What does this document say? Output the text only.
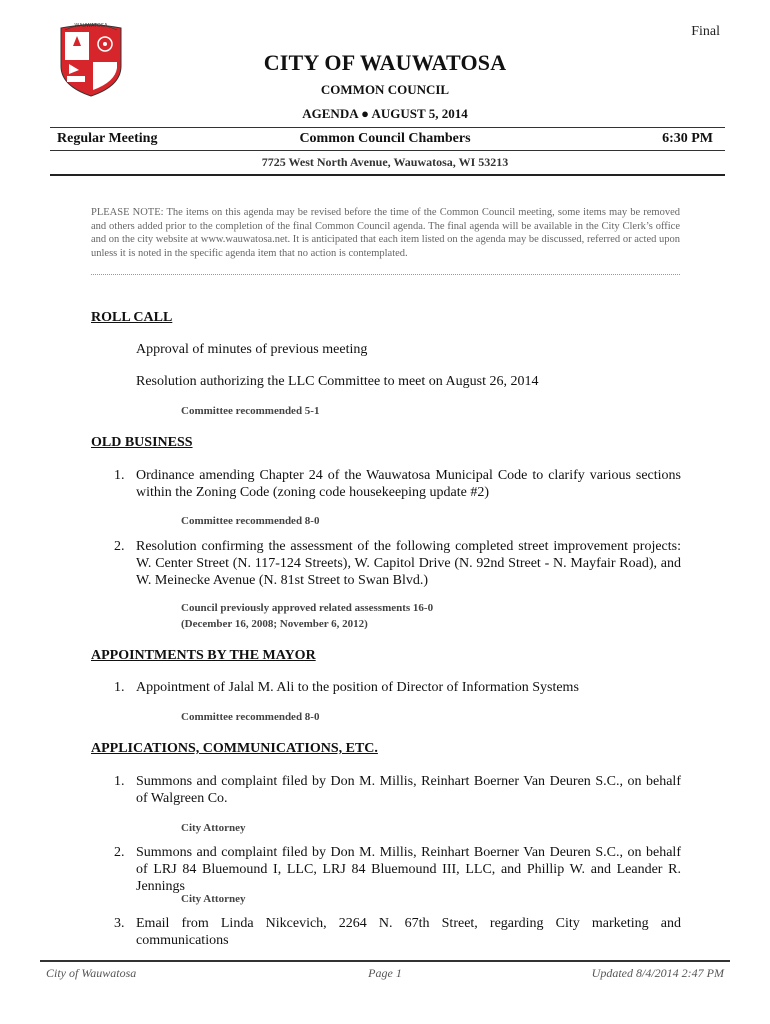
Final
WAUWATOSA
CITY OF WAUWATOSA
COMMON COUNCIL
AGENDA ● AUGUST 5, 2014
Regular Meeting	Common Council Chambers	6:30 PM
7725 West North Avenue, Wauwatosa, WI 53213
PLEASE NOTE: The items on this agenda may be revised before the time of the Common Council meeting, some items may be removed and others added prior to the completion of the final Common Council agenda. The final agenda will be available in the City Clerk’s office and on the city website at www.wauwatosa.net. It is anticipated that each item listed on the agenda may be discussed, referred or acted upon unless it is noted in the specific agenda item that no action is contemplated.
ROLL CALL
Approval of minutes of previous meeting
Resolution authorizing the LLC Committee to meet on August 26, 2014
Committee recommended 5-1
OLD BUSINESS
1. Ordinance amending Chapter 24 of the Wauwatosa Municipal Code to clarify various sections within the Zoning Code (zoning code housekeeping update #2)
Committee recommended 8-0
2. Resolution confirming the assessment of the following completed street improvement projects: W. Center Street (N. 117-124 Streets), W. Capitol Drive (N. 92nd Street - N. Mayfair Road), and W. Meinecke Avenue (N. 81st Street to Swan Blvd.)
Council previously approved related assessments 16-0
(December 16, 2008; November 6, 2012)
APPOINTMENTS BY THE MAYOR
1. Appointment of Jalal M. Ali to the position of Director of Information Systems
Committee recommended 8-0
APPLICATIONS, COMMUNICATIONS, ETC.
1. Summons and complaint filed by Don M. Millis, Reinhart Boerner Van Deuren S.C., on behalf of Walgreen Co.
City Attorney
2. Summons and complaint filed by Don M. Millis, Reinhart Boerner Van Deuren S.C., on behalf of LRJ 84 Bluemound I, LLC, LRJ 84 Bluemound III, LLC, and Phillip W. and Leander R. Jennings
City Attorney
3. Email from Linda Nikcevich, 2264 N. 67th Street, regarding City marketing and communications
City of Wauwatosa	Page 1	Updated 8/4/2014 2:47 PM
